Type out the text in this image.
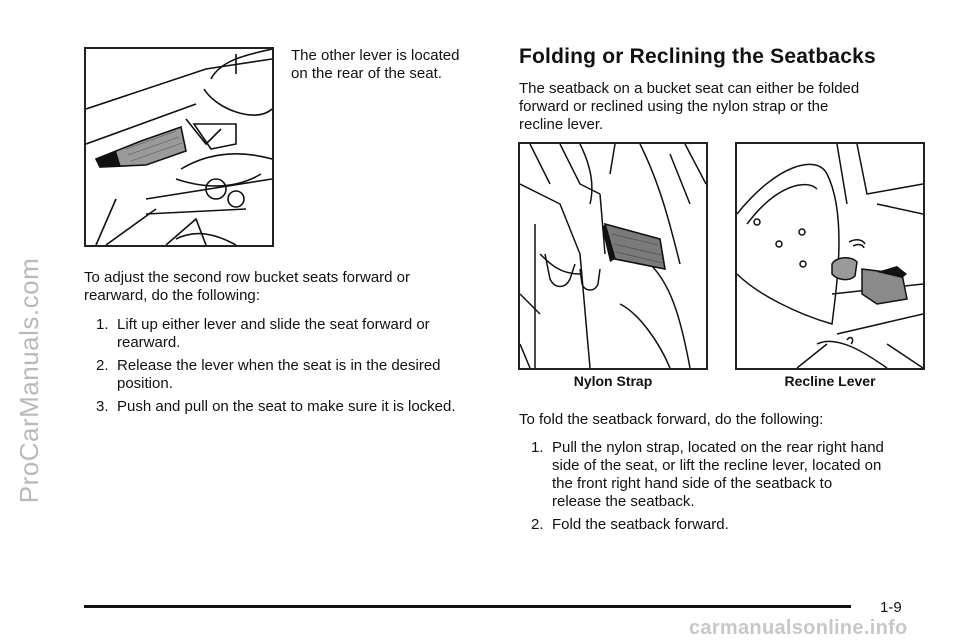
ProCarManuals.com
The other lever is located
on the rear of the seat.
To adjust the second row bucket seats forward or
rearward, do the following:
1. Lift up either lever and slide the seat forward or
rearward.
2. Release the lever when the seat is in the desired
position.
3. Push and pull on the seat to make sure it is locked.
Folding or Reclining the Seatbacks
The seatback on a bucket seat can either be folded
forward or reclined using the nylon strap or the
recline lever.
Nylon Strap	Recline Lever
To fold the seatback forward, do the following:
1. Pull the nylon strap, located on the rear right hand
side of the seat, or lift the recline lever, located on
the front right hand side of the seatback to
release the seatback.
2. Fold the seatback forward.
1-9
carmanualsonline.info
